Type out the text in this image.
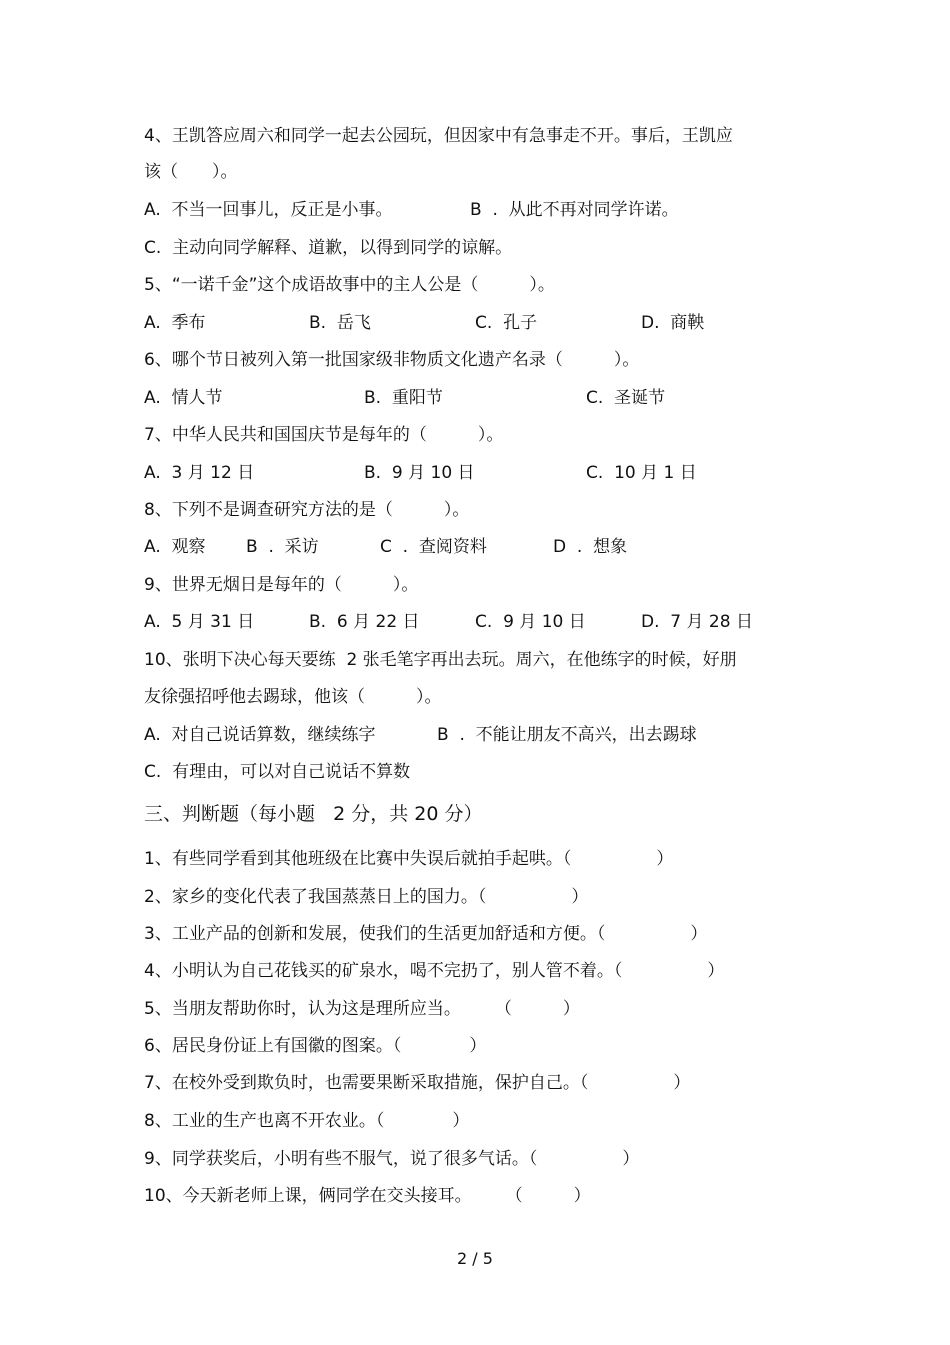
4、王凯答应周六和同学一起去公园玩，但因家中有急事走不开。事后，王凯应
该（　　）。
A.  不当一回事儿，反正是小事。	B  .  从此不再对同学许诺。
C.  主动向同学解释、道歉，以得到同学的谅解。
5、“一诺千金”这个成语故事中的主人公是（　　　）。
A.  季布	B.  岳飞	C.  孔子	D.  商鞅
6、哪个节日被列入第一批国家级非物质文化遗产名录（　　　）。
A.  情人节	B.  重阳节	C.  圣诞节
7、中华人民共和国国庆节是每年的（　　　）。
A.  3 月 12 日	B.  9 月 10 日	C.  10 月 1 日
8、下列不是调查研究方法的是（　　　）。
A.  观察 B  .  采访	C  .  查阅资料	D  .  想象
9、世界无烟日是每年的（　　　）。
A.  5 月 31 日	B.  6 月 22 日	C.  9 月 10 日	D.  7 月 28 日
10、张明下决心每天要练  2 张毛笔字再出去玩。周六，在他练字的时候，好朋
友徐强招呼他去踢球，他该（　　　）。
A.  对自己说话算数，继续练字	B  .  不能让朋友不高兴，出去踢球
C.  有理由，可以对自己说话不算数
三、判断题（每小题   2 分，共 20 分）
1、有些同学看到其他班级在比赛中失误后就拍手起哄。（　　　　　）
2、家乡的变化代表了我国蒸蒸日上的国力。（　　　　　）
3、工业产品的创新和发展，使我们的生活更加舒适和方便。（　　　　　）
4、小明认为自己花钱买的矿泉水，喝不完扔了，别人管不着。（　　　　　）
5、当朋友帮助你时，认为这是理所应当。　　　（　　　）
6、居民身份证上有国徽的图案。（　　　　）
7、在校外受到欺负时，也需要果断采取措施，保护自己。（　　　　　）
8、工业的生产也离不开农业。（　　　　）
9、同学获奖后，小明有些不服气，说了很多气话。（　　　　　）
10、今天新老师上课，俩同学在交头接耳。　　　（　　　）
2 / 5
